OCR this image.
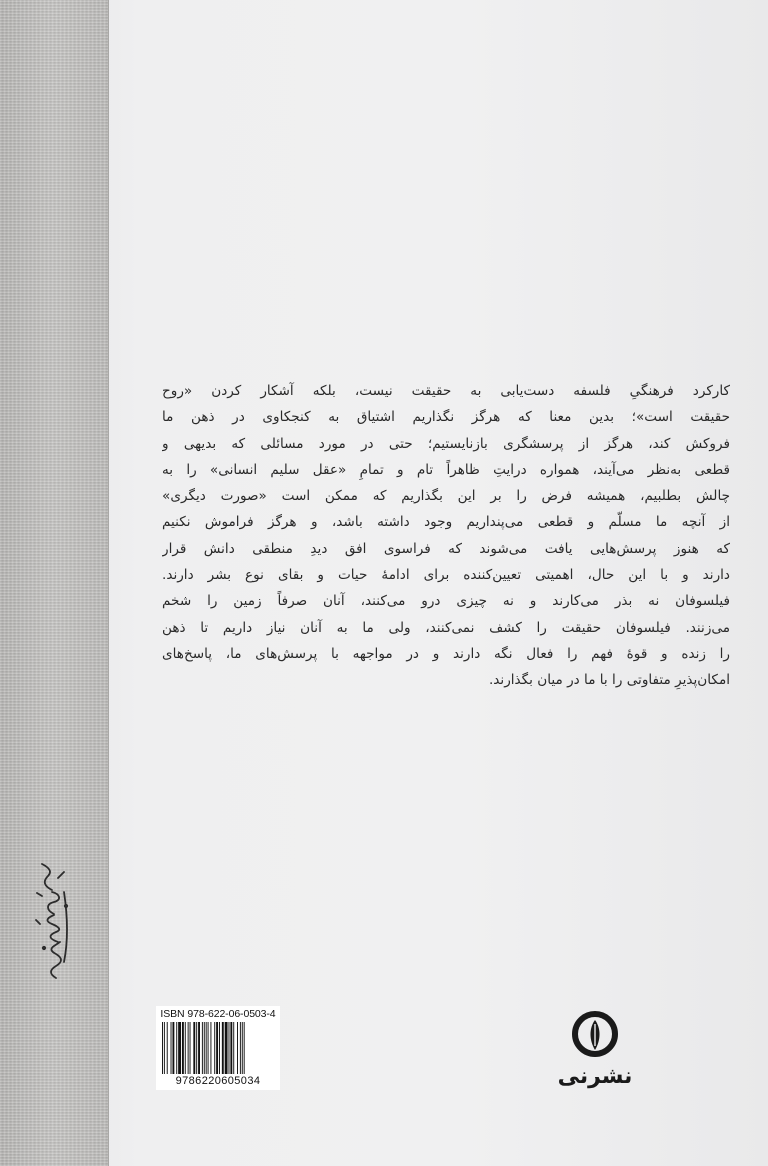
کارکرد فرهنگیِ فلسفه دست‌یابی به حقیقت نیست، بلکه آشکار کردن «روح
حقیقت است»؛ بدین معنا که هرگز نگذاریم اشتیاق به کنجکاوی در ذهن ما
فروکش کند، هرگز از پرسشگری بازنایستیم؛ حتی در مورد مسائلی که بدیهی و
قطعی به‌نظر می‌آیند، همواره درایتِ ظاهراً تام و تمامِ «عقل سلیم انسانی» را به
چالش بطلبیم، همیشه فرض را بر این بگذاریم که ممکن است «صورت دیگری»
از آنچه ما مسلّم و قطعی می‌پنداریم وجود داشته باشد، و هرگز فراموش نکنیم
که هنوز پرسش‌هایی یافت می‌شوند که فراسوی افق دیدِ منطقی دانش قرار
دارند و با این حال، اهمیتی تعیین‌کننده برای ادامهٔ حیات و بقای نوع بشر دارند.
فیلسوفان نه بذر می‌کارند و نه چیزی درو می‌کنند، آنان صرفاً زمین را شخم
می‌زنند. فیلسوفان حقیقت را کشف نمی‌کنند، ولی ما به آنان نیاز داریم تا ذهن
را زنده و قوهٔ فهم را فعال نگه دارند و در مواجهه با پرسش‌های ما، پاسخ‌های
امکان‌پذیرِ متفاوتی را با ما در میان بگذارند.
ISBN 978-622-06-0503-4
9786220605034	نشرنی
